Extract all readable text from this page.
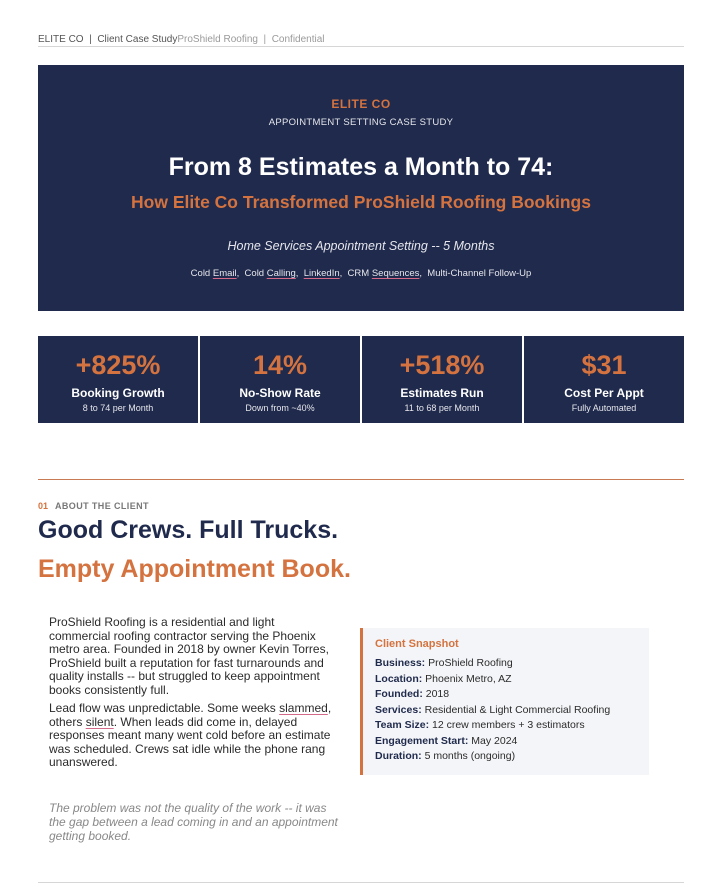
ELITE CO | Client Case StudyProShield Roofing | Confidential
ELITE CO
APPOINTMENT SETTING CASE STUDY
From 8 Estimates a Month to 74:
How Elite Co Transformed ProShield Roofing Bookings
Home Services Appointment Setting -- 5 Months
Cold Email, Cold Calling, LinkedIn, CRM Sequences, Multi-Channel Follow-Up
+825%
Booking Growth
8 to 74 per Month
14%
No-Show Rate
Down from ~40%
+518%
Estimates Run
11 to 68 per Month
$31
Cost Per Appt
Fully Automated
01 ABOUT THE CLIENT
Good Crews. Full Trucks.
Empty Appointment Book.

ProShield Roofing is a residential and light commercial roofing contractor serving the Phoenix metro area. Founded in 2018 by owner Kevin Torres, ProShield built a reputation for fast turnarounds and quality installs -- but struggled to keep appointment books consistently full.

Lead flow was unpredictable. Some weeks slammed, others silent. When leads did come in, delayed responses meant many went cold before an estimate was scheduled. Crews sat idle while the phone rang unanswered.

The problem was not the quality of the work -- it was the gap between a lead coming in and an appointment getting booked.
Client Snapshot
Business: ProShield Roofing
Location: Phoenix Metro, AZ
Founded: 2018
Services: Residential & Light Commercial Roofing
Team Size: 12 crew members + 3 estimators
Engagement Start: May 2024
Duration: 5 months (ongoing)
